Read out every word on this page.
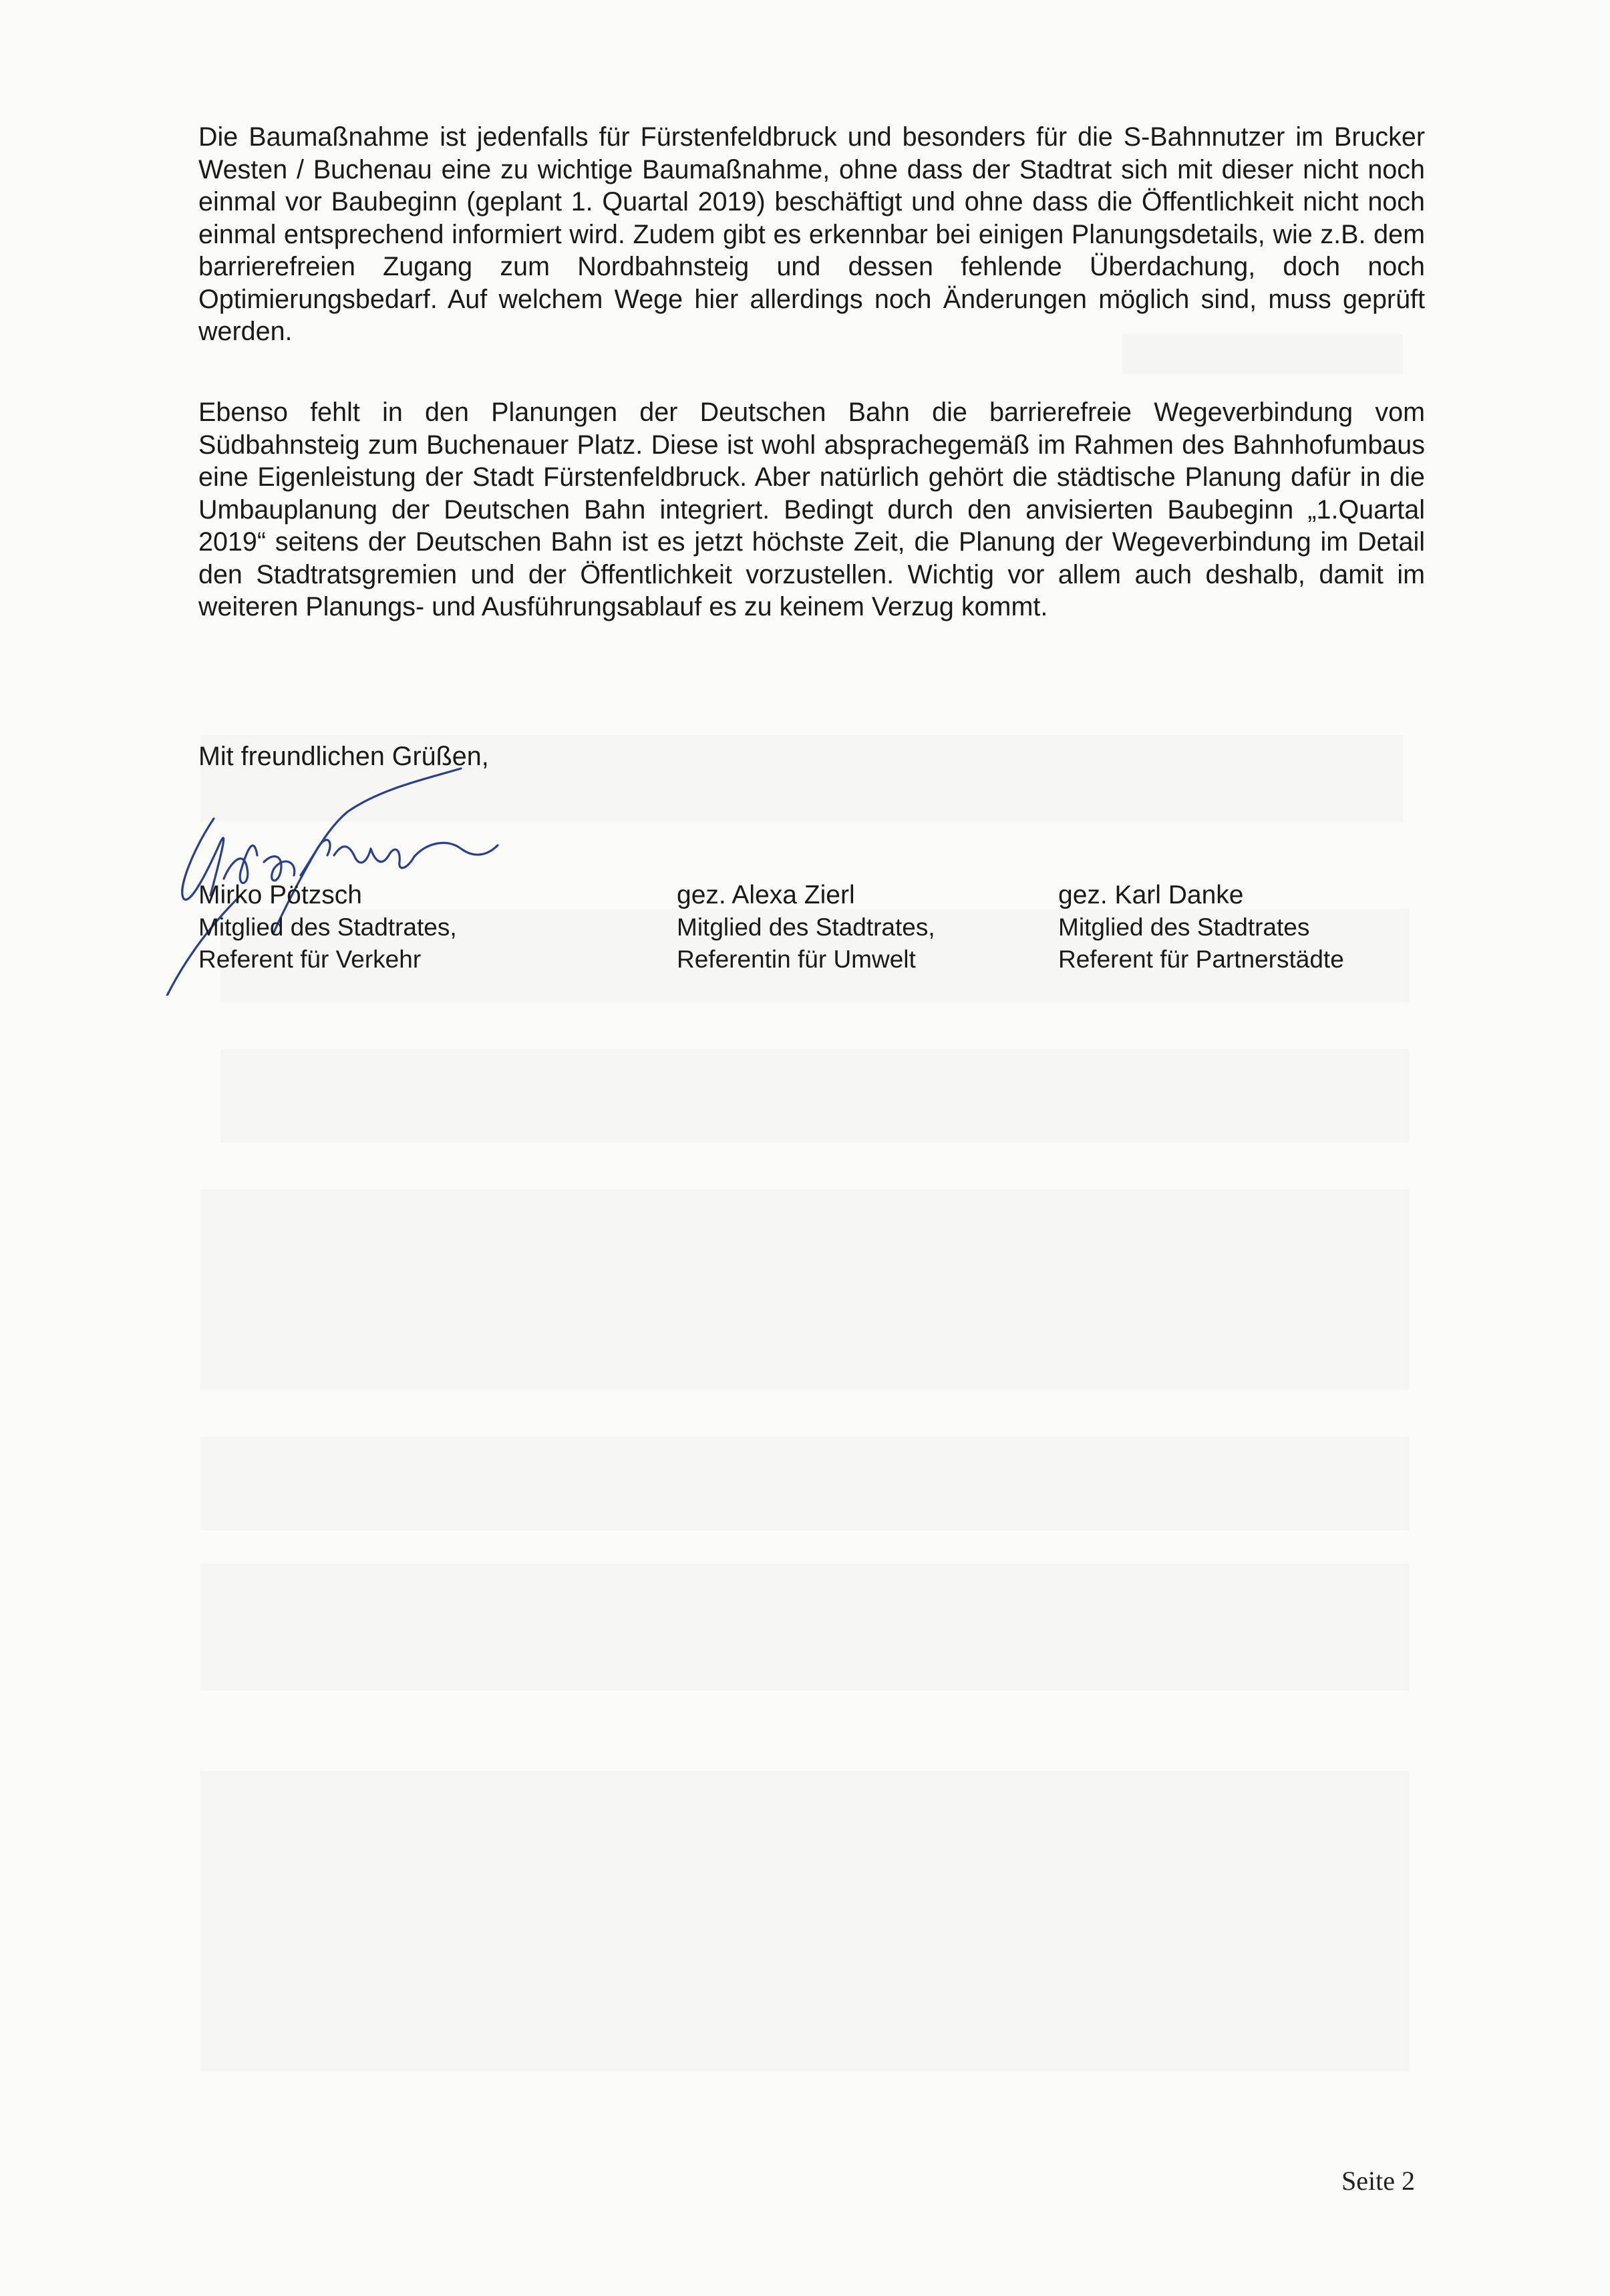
Die Baumaßnahme ist jedenfalls für Fürstenfeldbruck und besonders für die S-Bahnnutzer im Brucker Westen / Buchenau eine zu wichtige Baumaßnahme, ohne dass der Stadtrat sich mit dieser nicht noch einmal vor Baubeginn (geplant 1. Quartal 2019) beschäftigt und ohne dass die Öffentlichkeit nicht noch einmal entsprechend informiert wird. Zudem gibt es erkennbar bei einigen Planungsdetails, wie z.B. dem barrierefreien Zugang zum Nordbahnsteig und dessen fehlende Überdachung, doch noch Optimierungsbedarf. Auf welchem Wege hier allerdings noch Änderungen möglich sind, muss geprüft werden.

Ebenso fehlt in den Planungen der Deutschen Bahn die barrierefreie Wegeverbindung vom Südbahnsteig zum Buchenauer Platz. Diese ist wohl absprachegemäß im Rahmen des Bahnhofumbaus eine Eigenleistung der Stadt Fürstenfeldbruck. Aber natürlich gehört die städtische Planung dafür in die Umbauplanung der Deutschen Bahn integriert. Bedingt durch den anvisierten Baubeginn „1.Quartal 2019“ seitens der Deutschen Bahn ist es jetzt höchste Zeit, die Planung der Wegeverbindung im Detail den Stadtratsgremien und der Öffentlichkeit vorzustellen. Wichtig vor allem auch deshalb, damit im weiteren Planungs- und Ausführungsablauf es zu keinem Verzug kommt.

Mit freundlichen Grüßen,

Mirko Pötzsch
Mitglied des Stadtrates,
Referent für Verkehr
gez. Alexa Zierl
Mitglied des Stadtrates,
Referentin für Umwelt
gez. Karl Danke
Mitglied des Stadtrates
Referent für Partnerstädte
Seite 2
